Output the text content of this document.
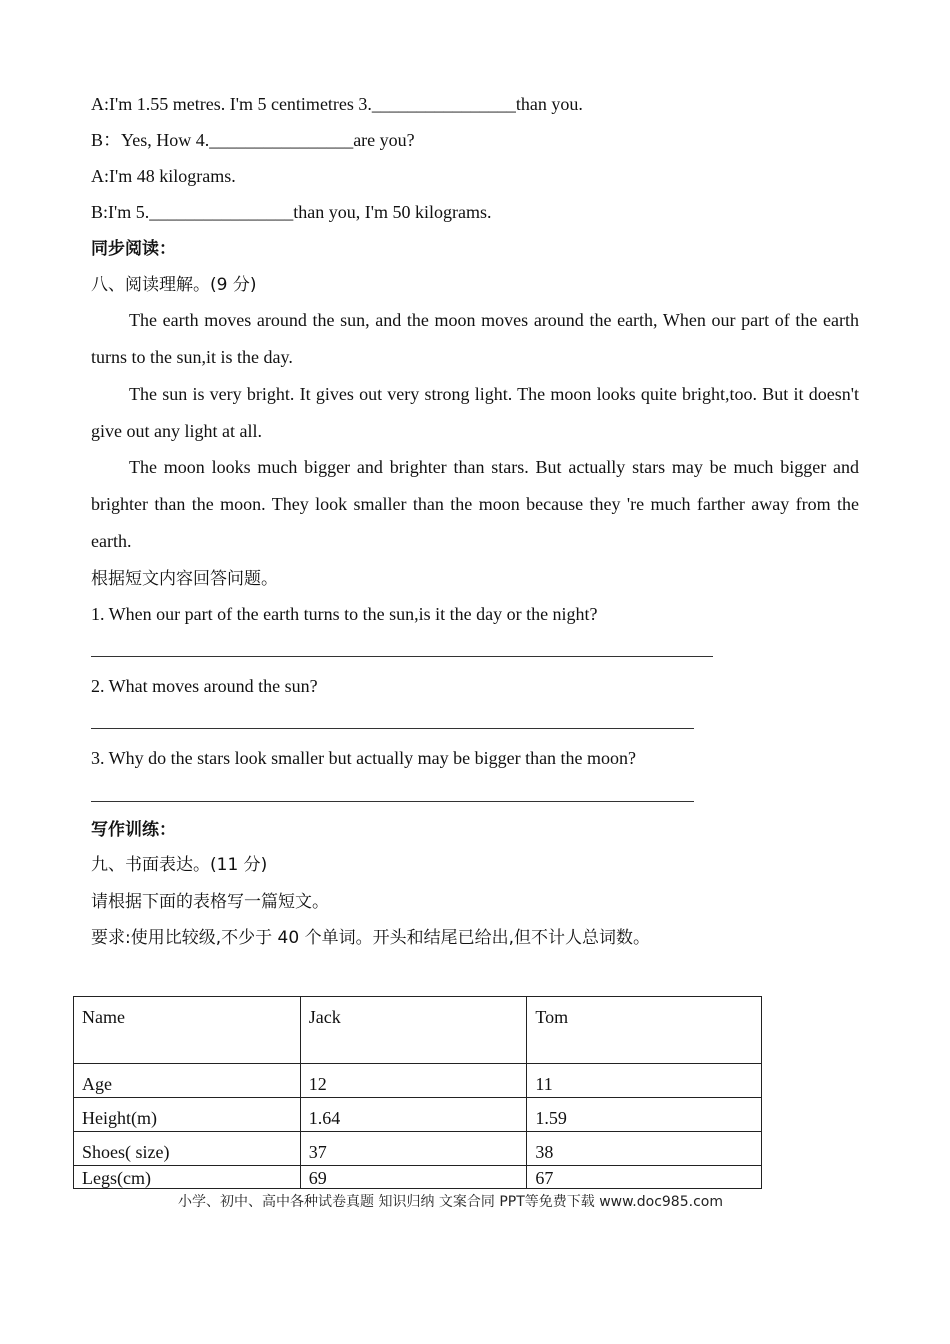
A:I'm 1.55 metres. I'm 5 centimetres 3.________________than you.
B：Yes, How 4.________________are you?
A:I'm 48 kilograms.
B:I'm 5.________________than you, I'm 50 kilograms.
同步阅读：
八、阅读理解。(9 分)
The earth moves around the sun, and the moon moves around the earth, When our part of the earth turns to the sun,it is the day.
The sun is very bright. It gives out very strong light. The moon looks quite bright,too. But it doesn't give out any light at all.
The moon looks much bigger and brighter than stars. But actually stars may be much bigger and brighter than the moon. They look smaller than the moon because they 're much farther away from the earth.
根据短文内容回答问题。
1. When our part of the earth turns to the sun,is it the day or the night?
2. What moves around the sun?
3. Why do the stars look smaller but actually may be bigger than the moon?
写作训练：
九、书面表达。(11 分)
请根据下面的表格写一篇短文。
要求:使用比较级,不少于 40 个单词。开头和结尾已给出,但不计人总词数。
Name	Jack	Tom
Age	12	11
Height(m)	1.64	1.59
Shoes( size)	37	38
Legs(cm)	69	67
小学、初中、高中各种试卷真题 知识归纳 文案合同 PPT等免费下载 www.doc985.com
